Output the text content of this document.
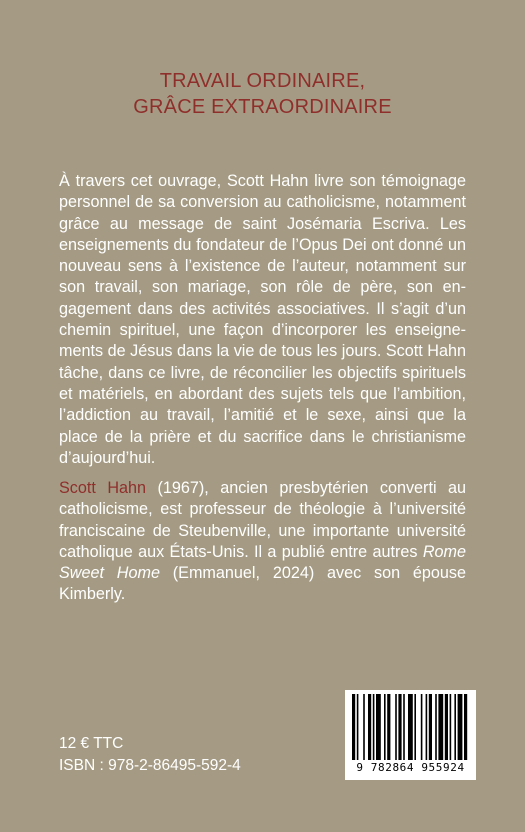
TRAVAIL ORDINAIRE,
GRÂCE EXTRAORDINAIRE
À travers cet ouvrage, Scott Hahn livre son témoignage personnel de sa conversion au catholicisme, notamment grâce au message de saint Josémaria Escriva. Les enseignements du fondateur de l’Opus Dei ont donné un nouveau sens à l’existence de l’auteur, notamment sur son travail, son mariage, son rôle de père, son engagement dans des activités associatives. Il s’agit d’un chemin spirituel, une façon d’incorporer les enseignements de Jésus dans la vie de tous les jours. Scott Hahn tâche, dans ce livre, de réconcilier les objectifs spirituels et matériels, en abordant des sujets tels que l’ambition, l’addiction au travail, l’amitié et le sexe, ainsi que la place de la prière et du sacrifice dans le christianisme d’aujourd’hui.
Scott Hahn (1967), ancien presbytérien converti au catholicisme, est professeur de théologie à l’université franciscaine de Steubenville, une importante université catholique aux États-Unis. Il a publié entre autres Rome Sweet Home (Emmanuel, 2024) avec son épouse Kimberly.
12 € TTC
ISBN : 978-2-86495-592-4	9 782864 955924
